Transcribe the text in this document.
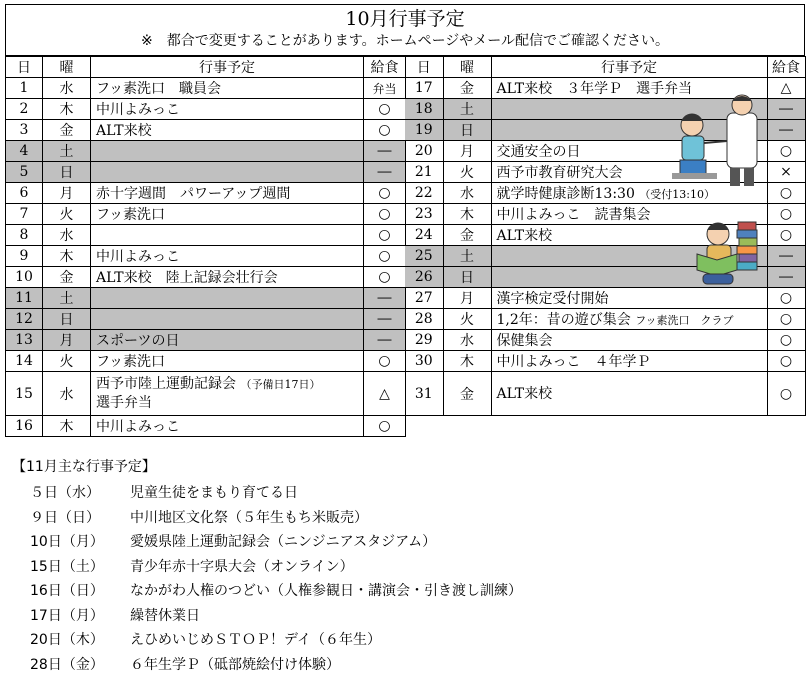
10月行事予定
※　都合で変更することがあります。ホームページやメール配信でご確認ください。
日	曜	行事予定	給食
1	水	フッ素洗口　職員会	弁当
2	木	中川よみっこ	○
3	金	ALT来校	○
4	土		―
5	日		―
6	月	赤十字週間　パワーアップ週間	○
7	火	フッ素洗口	○
8	水		○
9	木	中川よみっこ	○
10	金	ALT来校　陸上記録会壮行会	○
11	土		―
12	日		―
13	月	スポーツの日	―
14	火	フッ素洗口	○
15	水	西予市陸上運動記録会 （予備日17日）
選手弁当	△
16	木	中川よみっこ	○
日	曜	行事予定	給食
17	金	ALT来校　３年学Ｐ　選手弁当	△
18	土		―
19	日		―
20	月	交通安全の日	○
21	火	西予市教育研究大会	×
22	水	就学時健康診断13:30 （受付13:10）	○
23	木	中川よみっこ　読書集会	○
24	金	ALT来校	○
25	土		―
26	日		―
27	月	漢字検定受付開始	○
28	火	1,2年：昔の遊び集会 フッ素洗口　クラブ	○
29	水	保健集会	○
30	木	中川よみっこ　４年学Ｐ	○
31	金	ALT来校	○
【11月主な行事予定】
５日（水） 児童生徒をまもり育てる日
９日（日） 中川地区文化祭（５年生もち米販売）
10日（月） 愛媛県陸上運動記録会（ニンジニアスタジアム）
15日（土） 青少年赤十字県大会（オンライン）
16日（日） なかがわ人権のつどい（人権参観日・講演会・引き渡し訓練）
17日（月） 繰替休業日
20日（木） えひめいじめＳＴＯＰ！デイ（６年生）
28日（金） ６年生学Ｐ（砥部焼絵付け体験）
